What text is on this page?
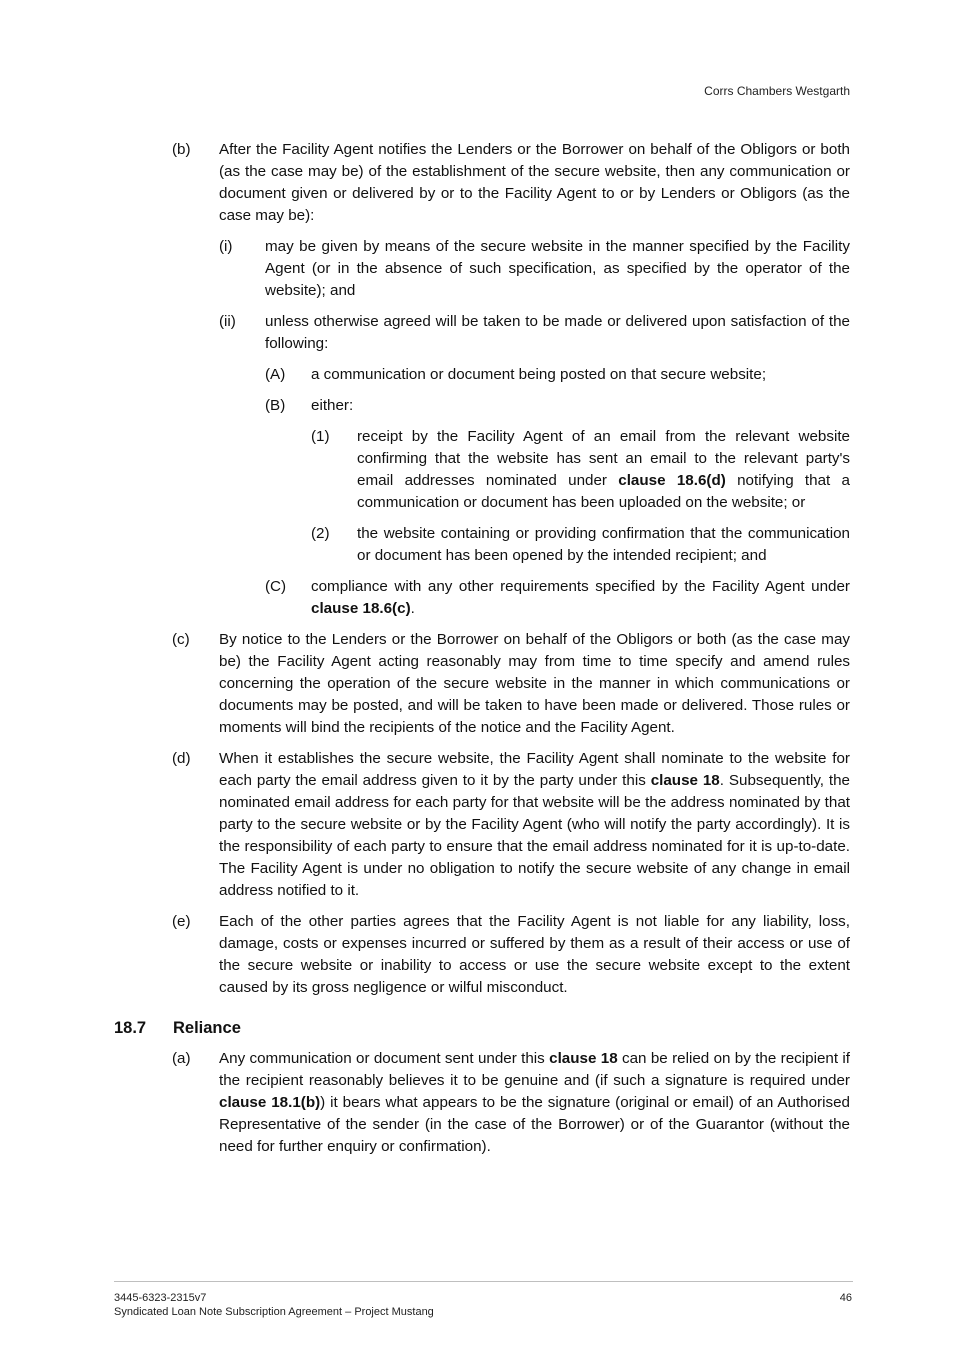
Corrs Chambers Westgarth
(b) After the Facility Agent notifies the Lenders or the Borrower on behalf of the Obligors or both (as the case may be) of the establishment of the secure website, then any communication or document given or delivered by or to the Facility Agent to or by Lenders or Obligors (as the case may be):
(i) may be given by means of the secure website in the manner specified by the Facility Agent (or in the absence of such specification, as specified by the operator of the website); and
(ii) unless otherwise agreed will be taken to be made or delivered upon satisfaction of the following:
(A) a communication or document being posted on that secure website;
(B) either:
(1) receipt by the Facility Agent of an email from the relevant website confirming that the website has sent an email to the relevant party's email addresses nominated under clause 18.6(d) notifying that a communication or document has been uploaded on the website; or
(2) the website containing or providing confirmation that the communication or document has been opened by the intended recipient; and
(C) compliance with any other requirements specified by the Facility Agent under clause 18.6(c).
(c) By notice to the Lenders or the Borrower on behalf of the Obligors or both (as the case may be) the Facility Agent acting reasonably may from time to time specify and amend rules concerning the operation of the secure website in the manner in which communications or documents may be posted, and will be taken to have been made or delivered. Those rules or moments will bind the recipients of the notice and the Facility Agent.
(d) When it establishes the secure website, the Facility Agent shall nominate to the website for each party the email address given to it by the party under this clause 18. Subsequently, the nominated email address for each party for that website will be the address nominated by that party to the secure website or by the Facility Agent (who will notify the party accordingly). It is the responsibility of each party to ensure that the email address nominated for it is up-to-date. The Facility Agent is under no obligation to notify the secure website of any change in email address notified to it.
(e) Each of the other parties agrees that the Facility Agent is not liable for any liability, loss, damage, costs or expenses incurred or suffered by them as a result of their access or use of the secure website or inability to access or use the secure website except to the extent caused by its gross negligence or wilful misconduct.
18.7 Reliance
(a) Any communication or document sent under this clause 18 can be relied on by the recipient if the recipient reasonably believes it to be genuine and (if such a signature is required under clause 18.1(b)) it bears what appears to be the signature (original or email) of an Authorised Representative of the sender (in the case of the Borrower) or of the Guarantor (without the need for further enquiry or confirmation).
3445-6323-2315v7
Syndicated Loan Note Subscription Agreement – Project Mustang
46
